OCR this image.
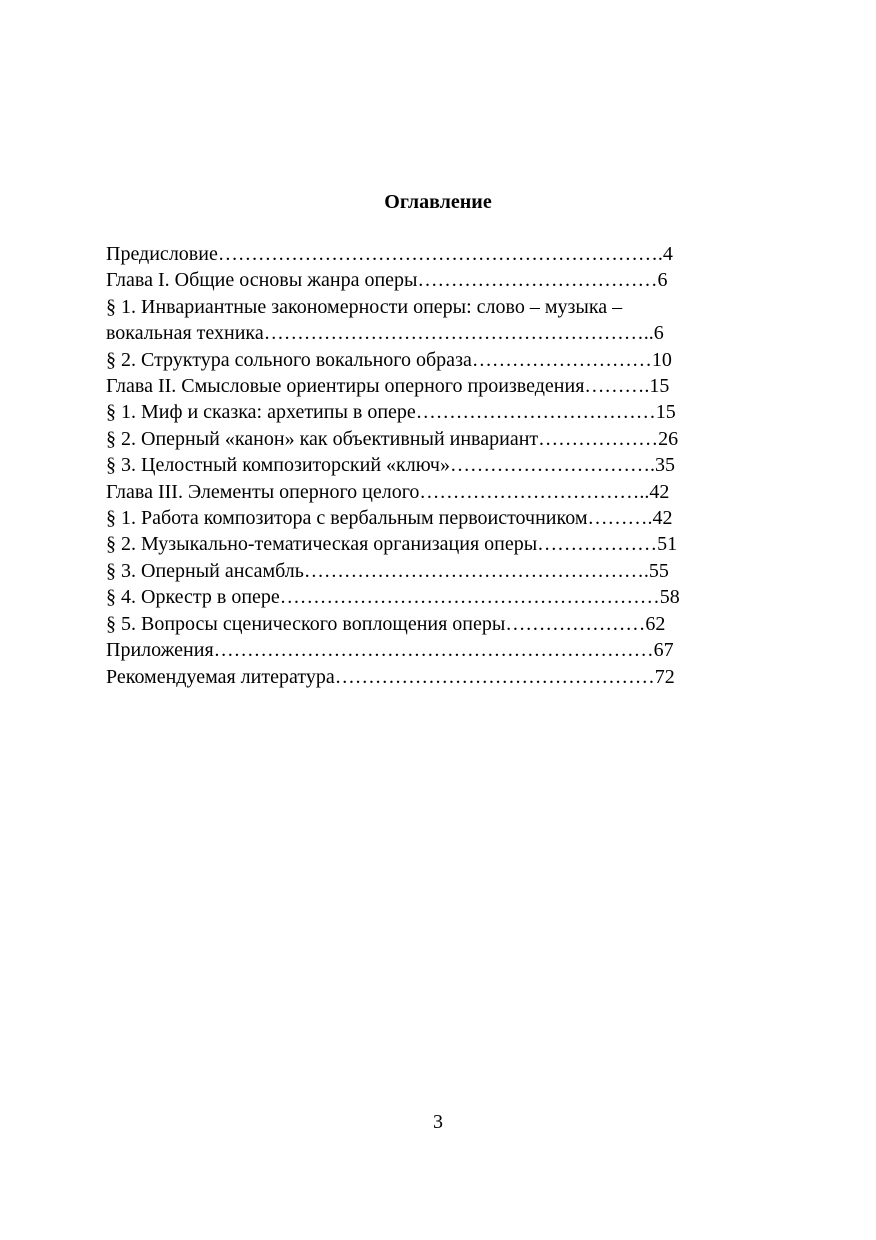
Оглавление
Предисловие………………………………………………………….4
Глава I. Общие основы жанра оперы………………………………6
§ 1. Инвариантные закономерности оперы: слово – музыка –
вокальная техника…………………………………………………..6
§ 2. Структура сольного вокального образа………………………10
Глава II. Смысловые ориентиры оперного произведения……….15
§ 1. Миф и сказка: архетипы в опере………………………………15
§ 2. Оперный «канон» как объективный инвариант………………26
§ 3. Целостный композиторский «ключ»………………………….35
Глава III. Элементы оперного целого……………………………..42
§ 1. Работа композитора с вербальным первоисточником……….42
§ 2. Музыкально-тематическая организация оперы………………51
§ 3. Оперный ансамбль…………………………………………….55
§ 4. Оркестр в опере…………………………………………………58
§ 5. Вопросы сценического воплощения оперы…………………62
Приложения…………………………………………………………67
Рекомендуемая литература…………………………………………72
3
